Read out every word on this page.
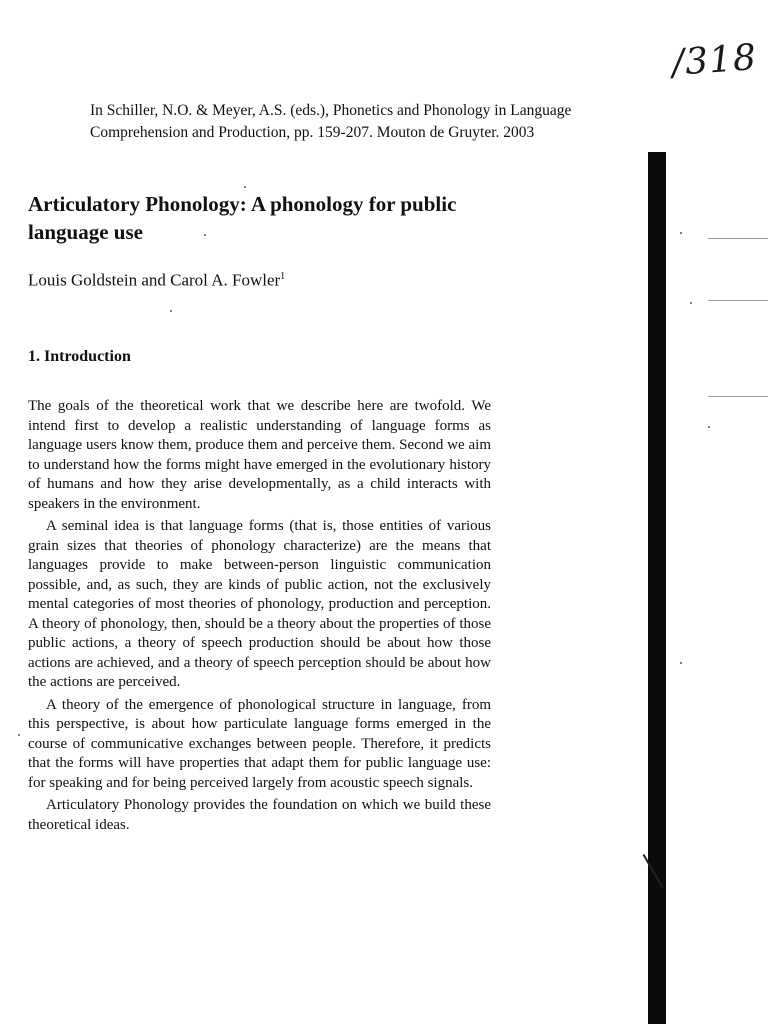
/318
In Schiller, N.O. & Meyer, A.S. (eds.), Phonetics and Phonology in Language
Comprehension and Production, pp. 159-207. Mouton de Gruyter. 2003
Articulatory Phonology: A phonology for public language use
Louis Goldstein and Carol A. Fowler$^1$
1. Introduction

The goals of the theoretical work that we describe here are twofold. We intend first to develop a realistic understanding of language forms as language users know them, produce them and perceive them. Second we aim to understand how the forms might have emerged in the evolutionary history of humans and how they arise developmentally, as a child interacts with speakers in the environment.

A seminal idea is that language forms (that is, those entities of various grain sizes that theories of phonology characterize) are the means that languages provide to make between-person linguistic communication possible, and, as such, they are kinds of public action, not the exclusively mental categories of most theories of phonology, production and perception. A theory of phonology, then, should be a theory about the properties of those public actions, a theory of speech production should be about how those actions are achieved, and a theory of speech perception should be about how the actions are perceived.

A theory of the emergence of phonological structure in language, from this perspective, is about how particulate language forms emerged in the course of communicative exchanges between people. Therefore, it predicts that the forms will have properties that adapt them for public language use: for speaking and for being perceived largely from acoustic speech signals.

Articulatory Phonology provides the foundation on which we build these theoretical ideas.
